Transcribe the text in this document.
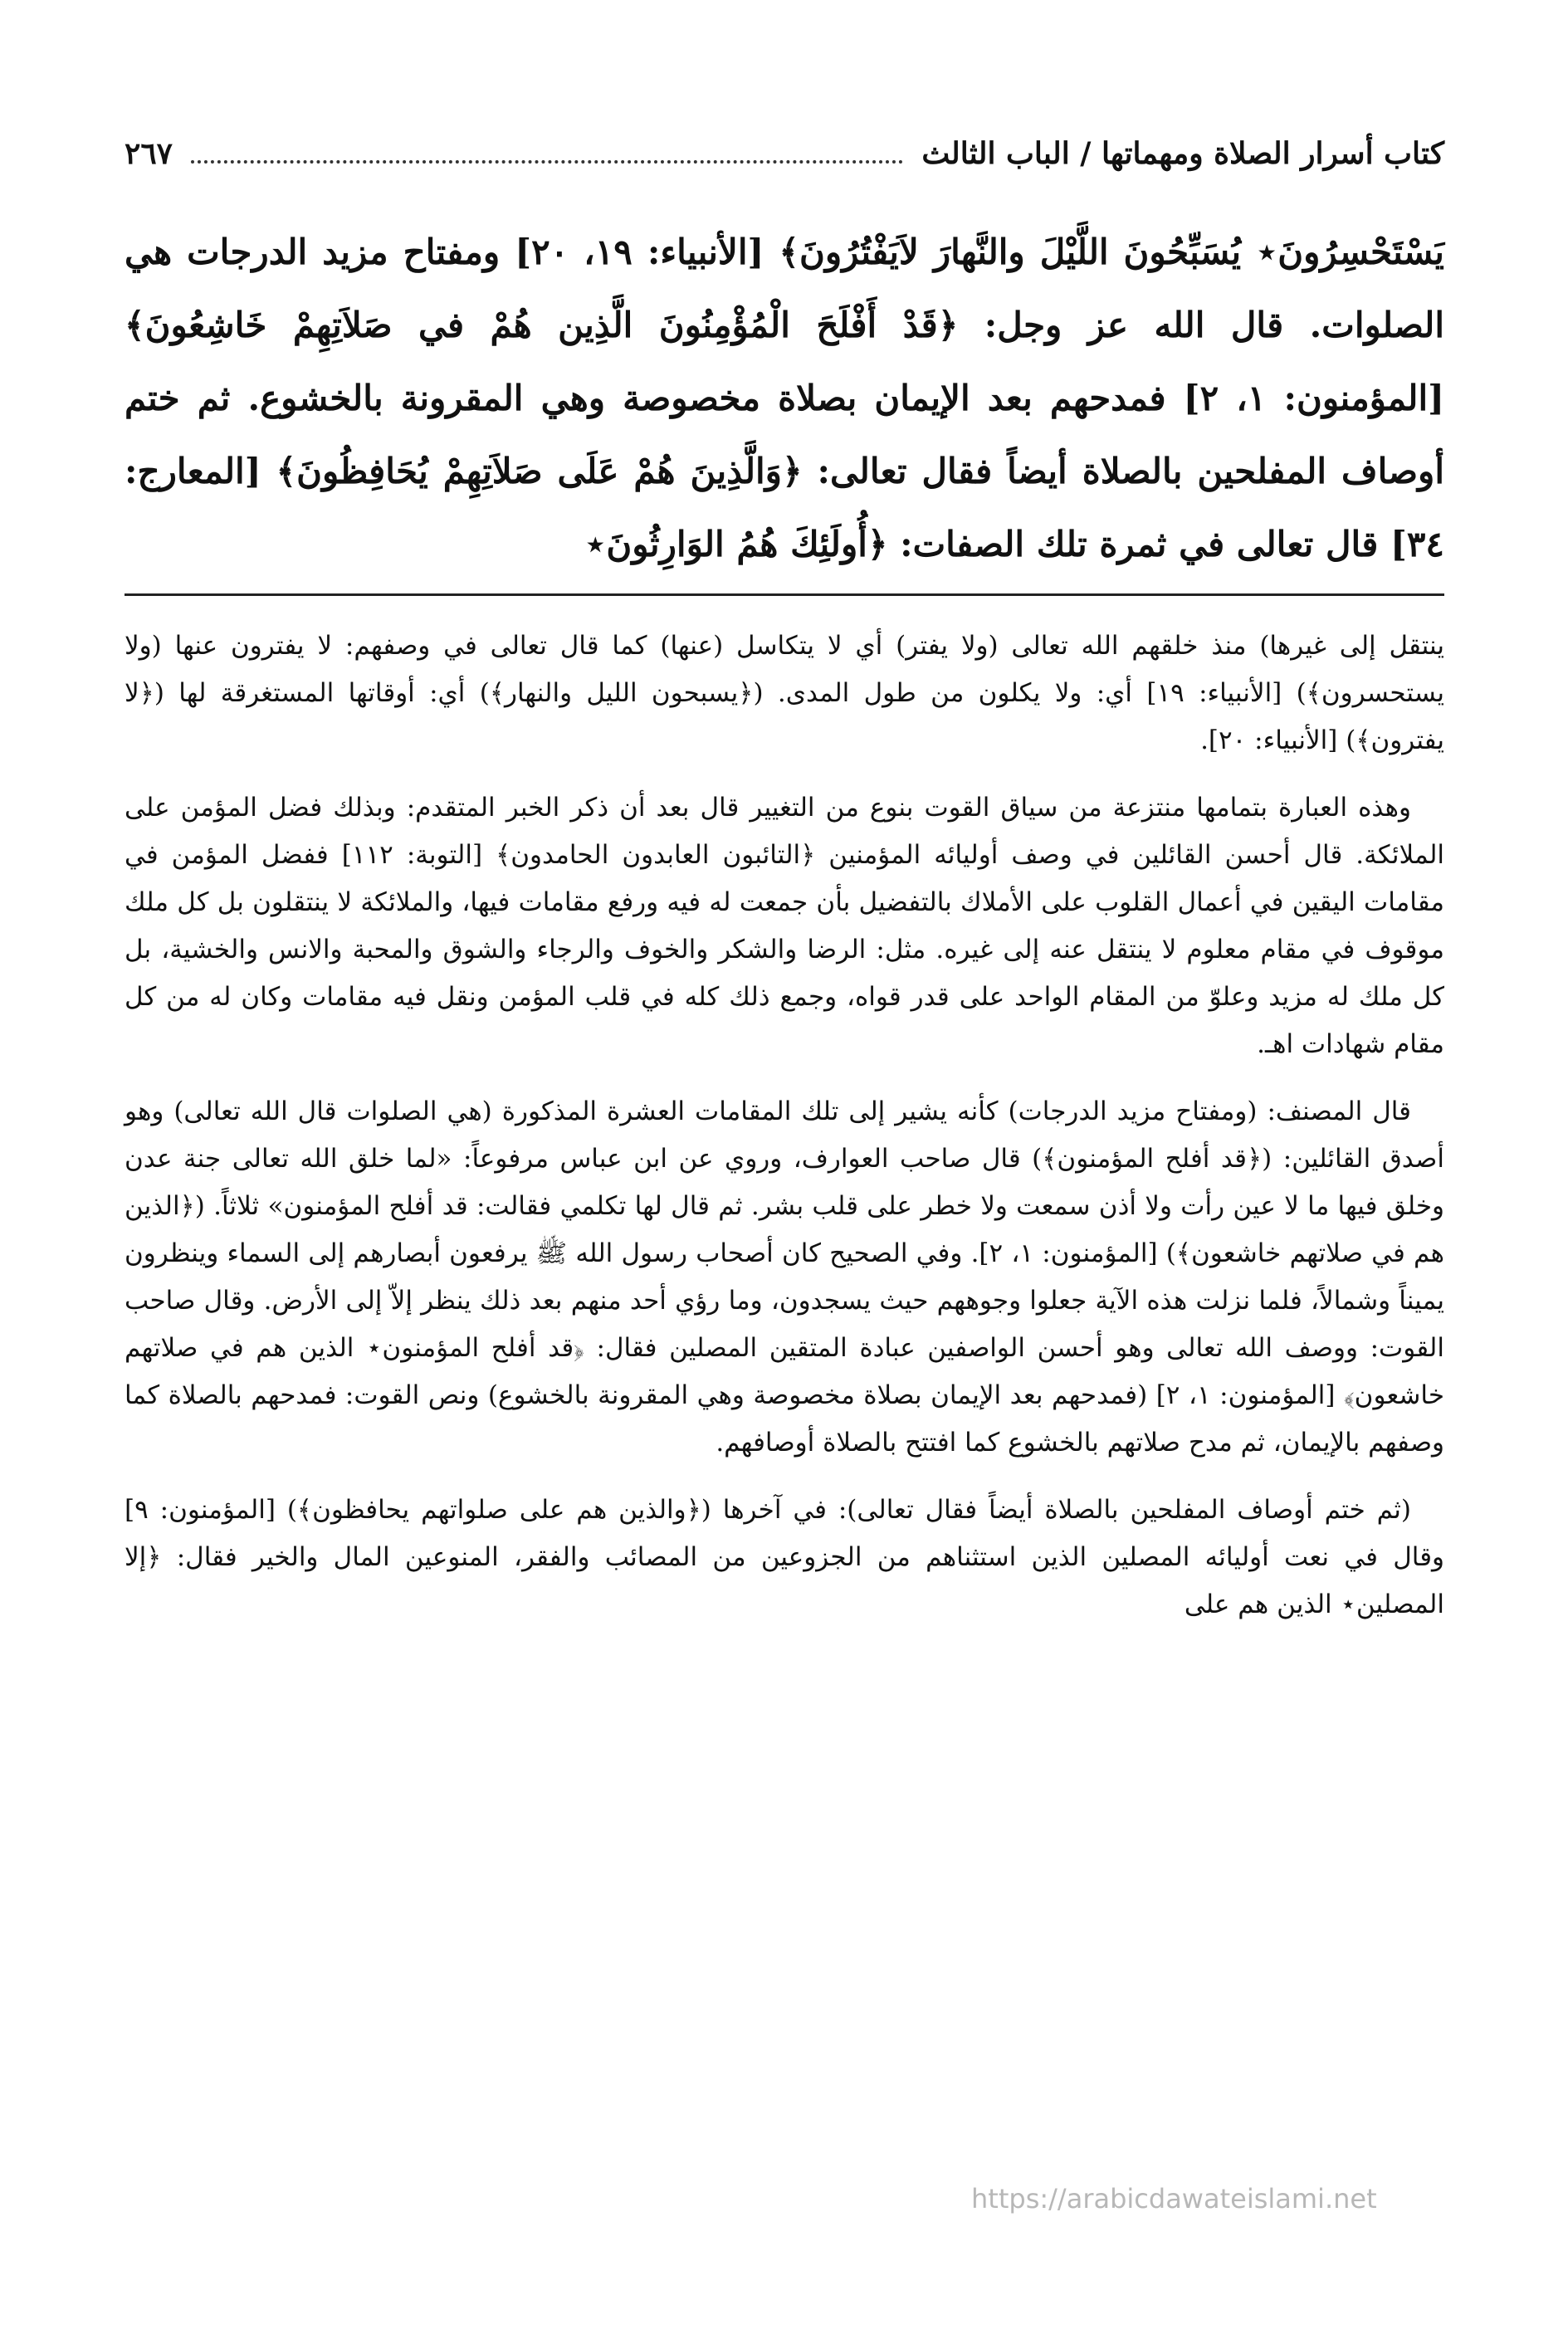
كتاب أسرار الصلاة ومهماتها / الباب الثالث
٢٦٧
يَسْتَحْسِرُونَ⋆ يُسَبِّحُونَ اللَّيْلَ والنَّهارَ لاَيَفْتُرُونَ﴾ [الأنبياء: ١٩، ٢٠] ومفتاح مزيد الدرجات هي الصلوات. قال الله عز وجل: ﴿قَدْ أَفْلَحَ الْمُؤْمِنُونَ الَّذِين هُمْ في صَلاَتِهِمْ خَاشِعُونَ﴾ [المؤمنون: ١، ٢] فمدحهم بعد الإيمان بصلاة مخصوصة وهي المقرونة بالخشوع. ثم ختم أوصاف المفلحين بالصلاة أيضاً فقال تعالى: ﴿وَالَّذِينَ هُمْ عَلَى صَلاَتِهِمْ يُحَافِظُونَ﴾ [المعارج: ٣٤] قال تعالى في ثمرة تلك الصفات: ﴿أُولَئِكَ هُمُ الوَارِثُونَ⋆

ينتقل إلى غيرها) منذ خلقهم الله تعالى (ولا يفتر) أي لا يتكاسل (عنها) كما قال تعالى في وصفهم: لا يفترون عنها (ولا يستحسرون﴾) [الأنبياء: ١٩] أي: ولا يكلون من طول المدى. (﴿يسبحون الليل والنهار﴾) أي: أوقاتها المستغرقة لها (﴿لا يفترون﴾) [الأنبياء: ٢٠].

وهذه العبارة بتمامها منتزعة من سياق القوت بنوع من التغيير قال بعد أن ذكر الخبر المتقدم: وبذلك فضل المؤمن على الملائكة. قال أحسن القائلين في وصف أوليائه المؤمنين ﴿التائبون العابدون الحامدون﴾ [التوبة: ١١٢] ففضل المؤمن في مقامات اليقين في أعمال القلوب على الأملاك بالتفضيل بأن جمعت له فيه ورفع مقامات فيها، والملائكة لا ينتقلون بل كل ملك موقوف في مقام معلوم لا ينتقل عنه إلى غيره. مثل: الرضا والشكر والخوف والرجاء والشوق والمحبة والانس والخشية، بل كل ملك له مزيد وعلوّ من المقام الواحد على قدر قواه، وجمع ذلك كله في قلب المؤمن ونقل فيه مقامات وكان له من كل مقام شهادات اهـ.

قال المصنف: (ومفتاح مزيد الدرجات) كأنه يشير إلى تلك المقامات العشرة المذكورة (هي الصلوات قال الله تعالى) وهو أصدق القائلين: (﴿قد أفلح المؤمنون﴾) قال صاحب العوارف، وروي عن ابن عباس مرفوعاً: «لما خلق الله تعالى جنة عدن وخلق فيها ما لا عين رأت ولا أذن سمعت ولا خطر على قلب بشر. ثم قال لها تكلمي فقالت: قد أفلح المؤمنون» ثلاثاً. (﴿الذين هم في صلاتهم خاشعون﴾) [المؤمنون: ١، ٢]. وفي الصحيح كان أصحاب رسول الله ﷺ يرفعون أبصارهم إلى السماء وينظرون يميناً وشمالاً، فلما نزلت هذه الآية جعلوا وجوههم حيث يسجدون، وما رؤي أحد منهم بعد ذلك ينظر إلاّ إلى الأرض. وقال صاحب القوت: ووصف الله تعالى وهو أحسن الواصفين عبادة المتقين المصلين فقال: ﴿قد أفلح المؤمنون⋆ الذين هم في صلاتهم خاشعون﴾ [المؤمنون: ١، ٢] (فمدحهم بعد الإيمان بصلاة مخصوصة وهي المقرونة بالخشوع) ونص القوت: فمدحهم بالصلاة كما وصفهم بالإيمان، ثم مدح صلاتهم بالخشوع كما افتتح بالصلاة أوصافهم.

(ثم ختم أوصاف المفلحين بالصلاة أيضاً فقال تعالى): في آخرها (﴿والذين هم على صلواتهم يحافظون﴾) [المؤمنون: ٩] وقال في نعت أوليائه المصلين الذين استثناهم من الجزوعين من المصائب والفقر، المنوعين المال والخير فقال: ﴿إلا المصلين⋆ الذين هم على

https://arabicdawateislami.net
